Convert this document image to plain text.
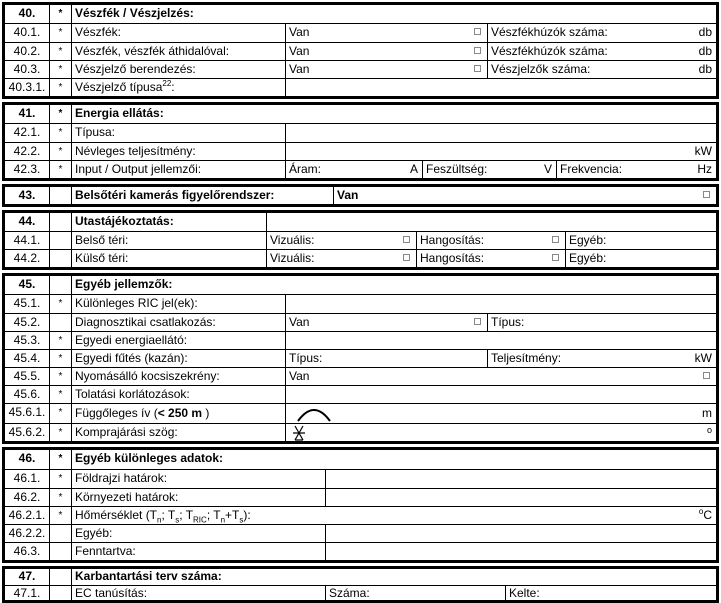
40.	*	Vészfék / Vészjelzés:
40.1.	*	Vészfék:	Van	Vészfékhúzók száma:	db
40.2.	*	Vészfék, vészfék áthidalóval:	Van	Vészfékhúzók száma:	db
40.3.	*	Vészjelző berendezés:	Van	Vészjelzők száma:	db
40.3.1.	*	Vészjelző típusa$^{22}$:
41.	*	Energia ellátás:
42.1.	*	Típusa:
42.2.	*	Névleges teljesítmény:	kW
42.3.	*	Input / Output jellemzői:	Áram:	A Feszültség:	V Frekvencia:	Hz
43.	Belsőtéri kamerás figyelőrendszer:	Van
44.	Utastájékoztatás:
44.1.	Belső téri:	Vizuális:	Hangosítás:	Egyéb:
44.2.	Külső téri:	Vizuális:	Hangosítás:	Egyéb:
45.	Egyéb jellemzők:
45.1.	*	Különleges RIC jel(ek):
45.2.	Diagnosztikai csatlakozás:	Van	Típus:
45.3.	*	Egyedi energiaellátó:
45.4.	*	Egyedi fűtés (kazán):	Típus:	Teljesítmény:	kW
45.5.	*	Nyomásálló kocsiszekrény:	Van
45.6.	*	Tolatási korlátozások:
45.6.1.	*	Függőleges ív (< 250 m )	m
45.6.2.	*	Komprajárási szög:	o
46.	*	Egyéb különleges adatok:
46.1.	*	Földrajzi határok:
46.2.	*	Környezeti határok:
46.2.1.	*	Hőmérséklet ($T_n$; $T_s$; $T_{RIC}$; $T_n+T_s$):	$^o$C
46.2.2.	Egyéb:
46.3.	Fenntartva:
47.	Karbantartási terv száma:
47.1.	EC tanúsítás:	Száma:	Kelte:
